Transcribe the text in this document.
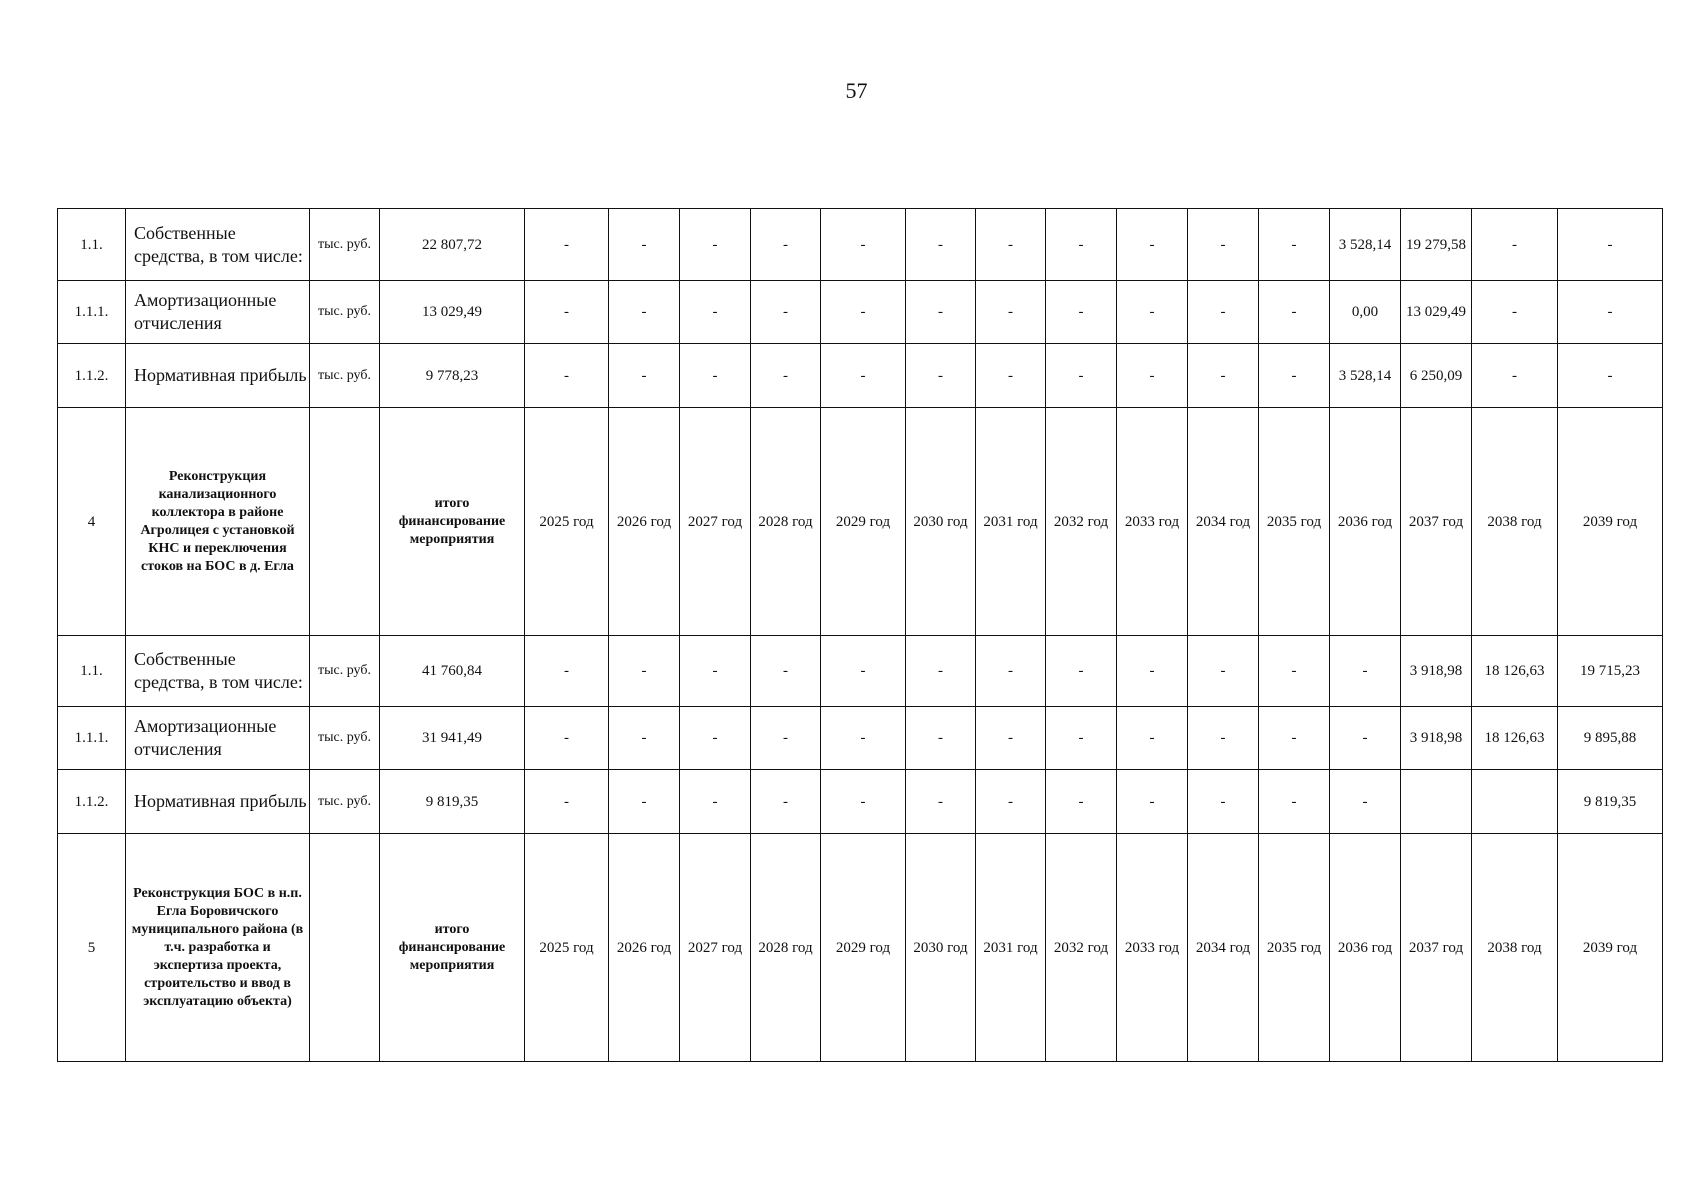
57
1.1.	Собственные средства, в том числе:	тыс. руб.	22 807,72	-	-	-	-	-	-	-	-	-	-	-	3 528,14	19 279,58	-	-
1.1.1.	Амортизационные отчисления	тыс. руб.	13 029,49	-	-	-	-	-	-	-	-	-	-	-	0,00	13 029,49	-	-
1.1.2.	Нормативная прибыль	тыс. руб.	9 778,23	-	-	-	-	-	-	-	-	-	-	-	3 528,14	6 250,09	-	-
4	Реконструкция канализационного коллектора в районе Агролицея с установкой КНС и переключения стоков на БОС в д. Егла		итого финансирование мероприятия	2025 год	2026 год	2027 год	2028 год	2029 год	2030 год	2031 год	2032 год	2033 год	2034 год	2035 год	2036 год	2037 год	2038 год	2039 год
1.1.	Собственные средства, в том числе:	тыс. руб.	41 760,84	-	-	-	-	-	-	-	-	-	-	-	-	3 918,98	18 126,63	19 715,23
1.1.1.	Амортизационные отчисления	тыс. руб.	31 941,49	-	-	-	-	-	-	-	-	-	-	-	-	3 918,98	18 126,63	9 895,88
1.1.2.	Нормативная прибыль	тыс. руб.	9 819,35	-	-	-	-	-	-	-	-	-	-	-	-			9 819,35
5	Реконструкция БОС в н.п. Егла Боровичского муниципального района (в т.ч. разработка и экспертиза проекта, строительство и ввод в эксплуатацию объекта)		итого финансирование мероприятия	2025 год	2026 год	2027 год	2028 год	2029 год	2030 год	2031 год	2032 год	2033 год	2034 год	2035 год	2036 год	2037 год	2038 год	2039 год
